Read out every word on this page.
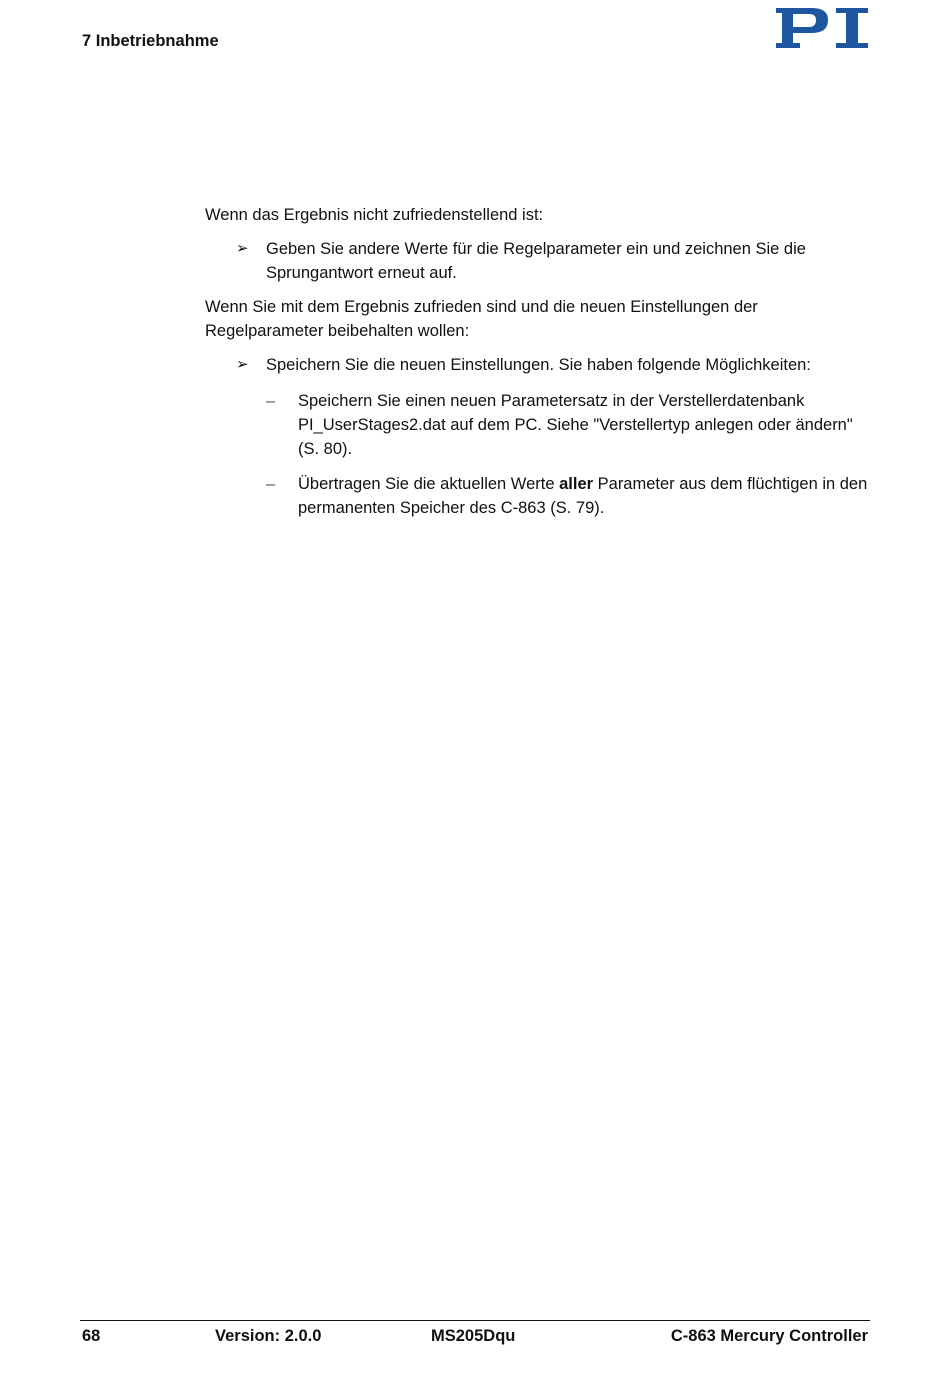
7 Inbetriebnahme
Wenn das Ergebnis nicht zufriedenstellend ist:
➢	Geben Sie andere Werte für die Regelparameter ein und zeichnen Sie die Sprungantwort erneut auf.
Wenn Sie mit dem Ergebnis zufrieden sind und die neuen Einstellungen der Regelparameter beibehalten wollen:
➢	Speichern Sie die neuen Einstellungen. Sie haben folgende Möglichkeiten:
– Speichern Sie einen neuen Parametersatz in der Verstellerdatenbank PI_UserStages2.dat auf dem PC. Siehe "Verstellertyp anlegen oder ändern" (S. 80).
– Übertragen Sie die aktuellen Werte aller Parameter aus dem flüchtigen in den permanenten Speicher des C-863 (S. 79).
68	Version: 2.0.0	MS205Dqu	C-863 Mercury Controller
